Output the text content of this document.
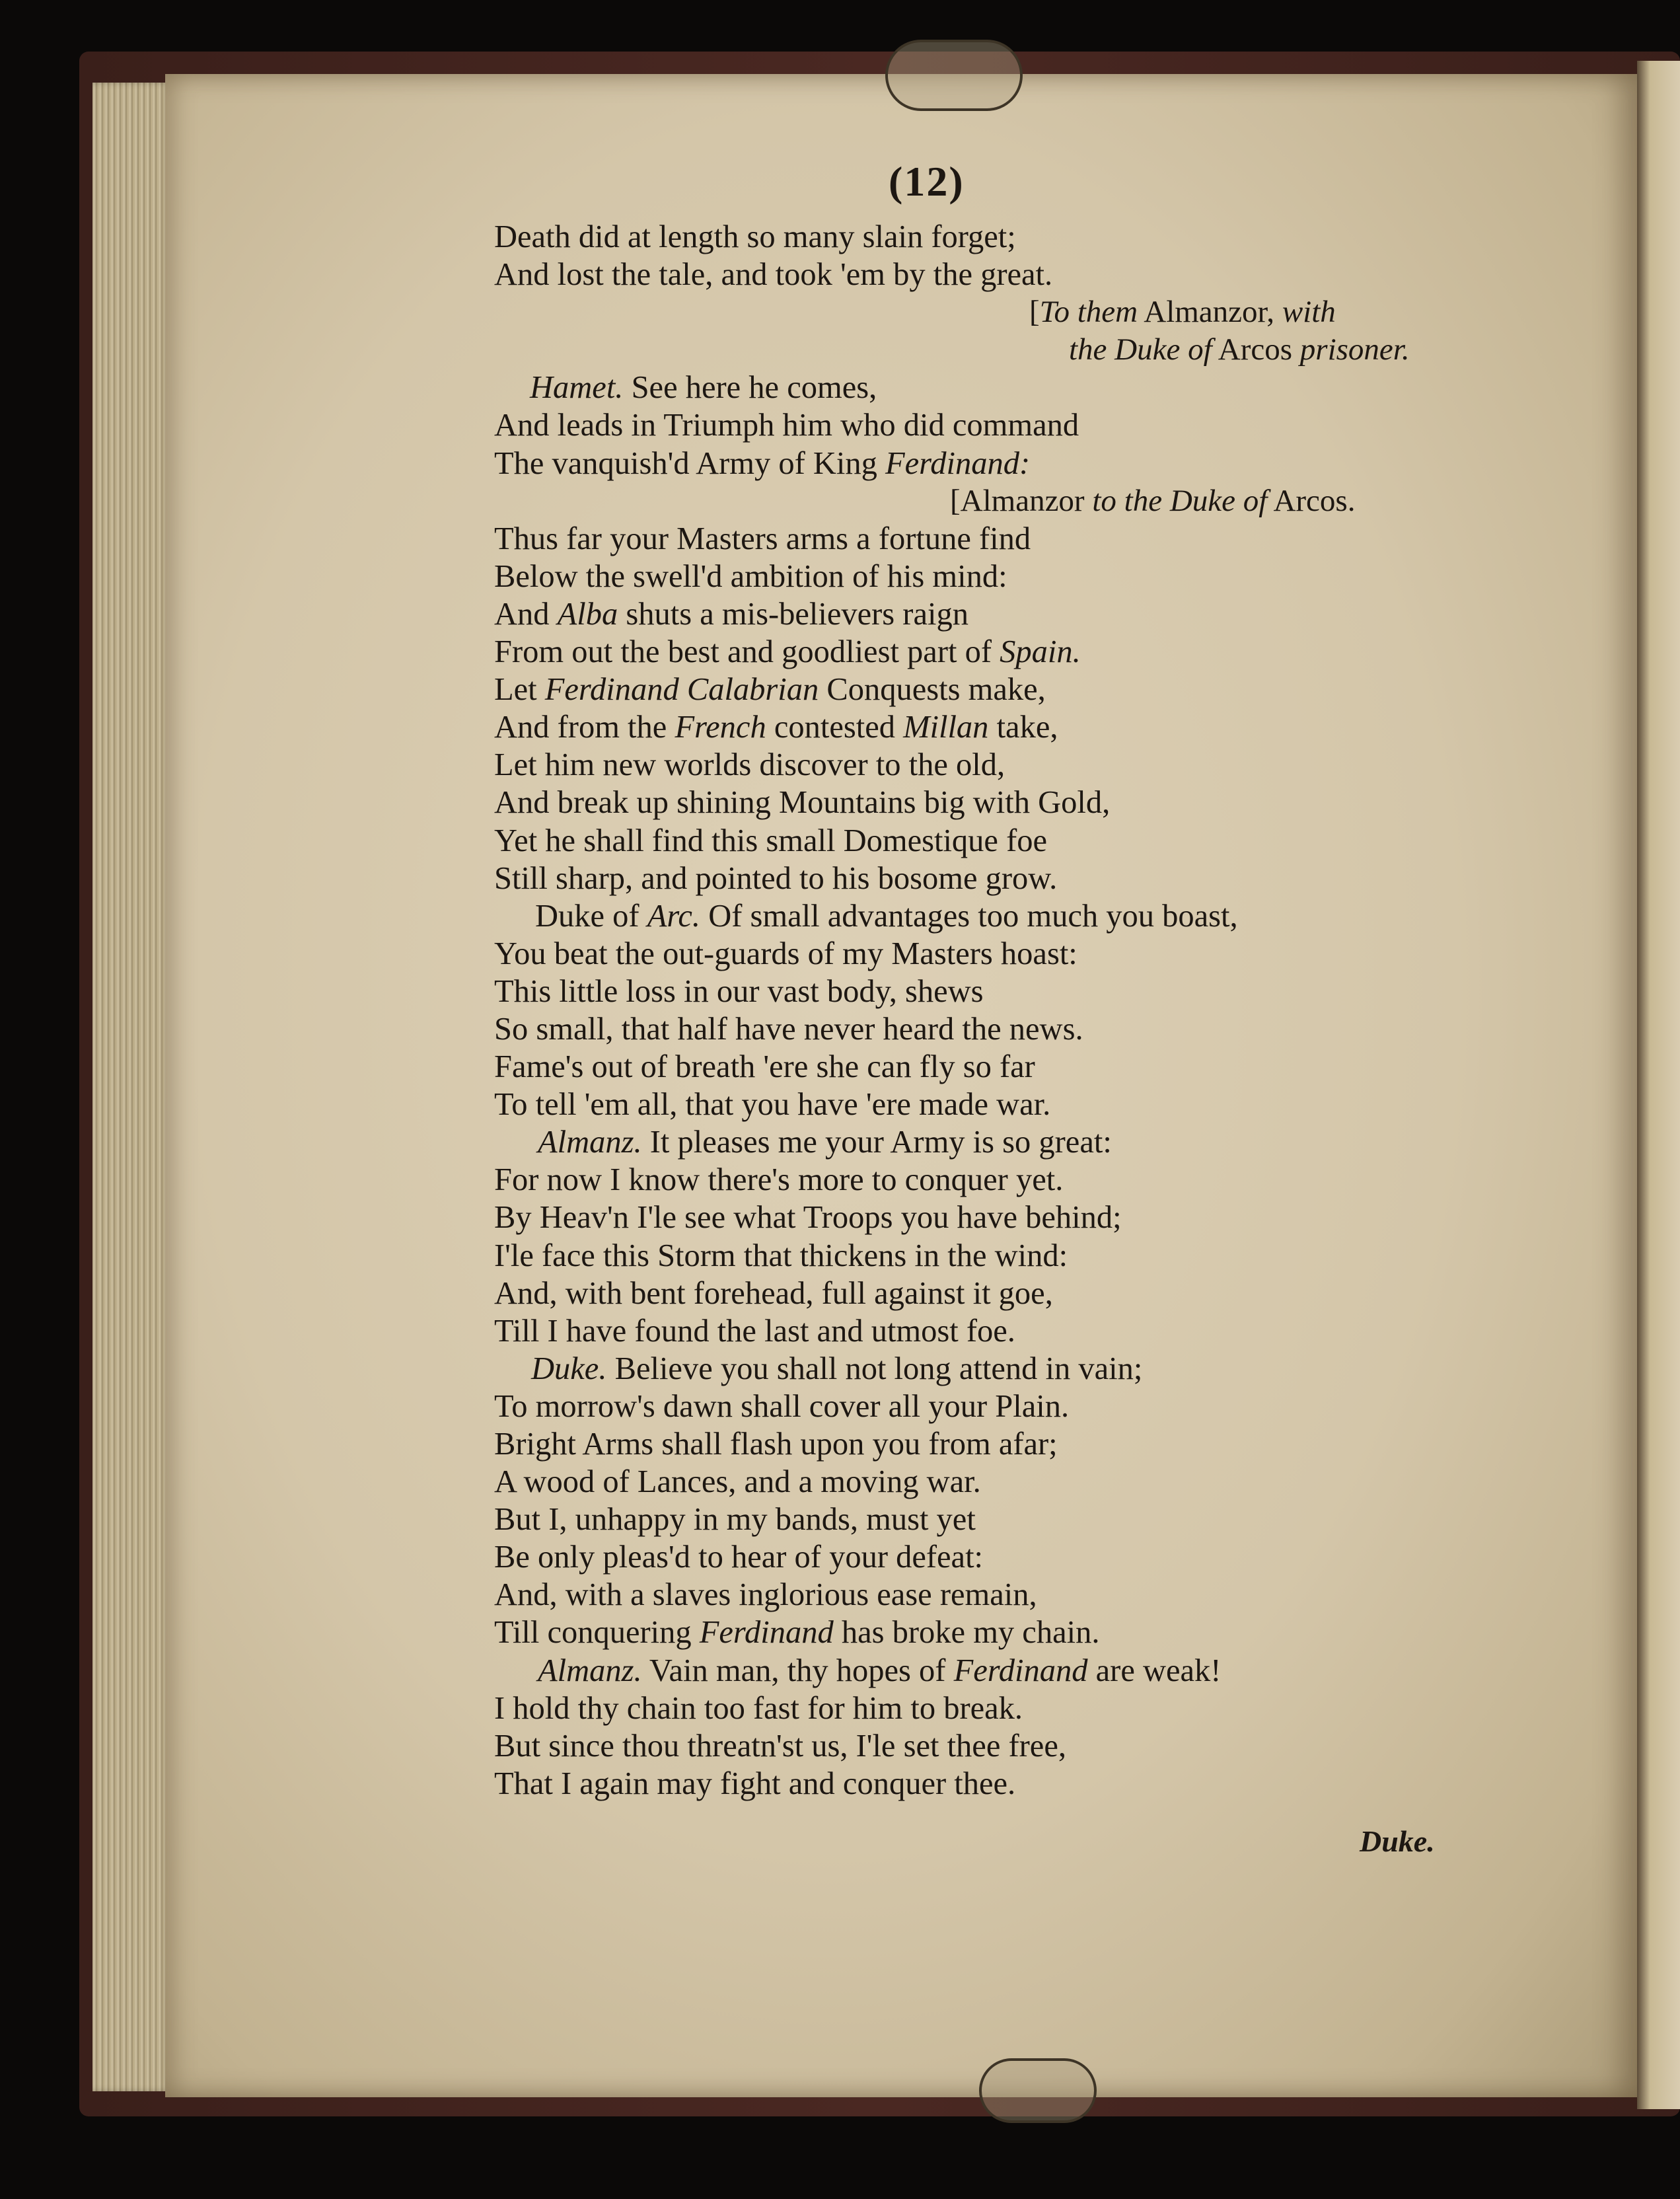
(12)
Death did at length so many slain forget;
And lost the tale, and took 'em by the great.
[To them Almanzor, with
the Duke of Arcos prisoner.
Hamet. See here he comes,
And leads in Triumph him who did command
The vanquish'd Army of King Ferdinand:
[Almanzor to the Duke of Arcos.
Thus far your Masters arms a fortune find
Below the swell'd ambition of his mind:
And Alba shuts a mis-believers raign
From out the best and goodliest part of Spain.
Let Ferdinand Calabrian Conquests make,
And from the French contested Millan take,
Let him new worlds discover to the old,
And break up shining Mountains big with Gold,
Yet he shall find this small Domestique foe
Still sharp, and pointed to his bosome grow.
Duke of Arc. Of small advantages too much you boast,
You beat the out-guards of my Masters hoast:
This little loss in our vast body, shews
So small, that half have never heard the news.
Fame's out of breath 'ere she can fly so far
To tell 'em all, that you have 'ere made war.
Almanz. It pleases me your Army is so great:
For now I know there's more to conquer yet.
By Heav'n I'le see what Troops you have behind;
I'le face this Storm that thickens in the wind:
And, with bent forehead, full against it goe,
Till I have found the last and utmost foe.
Duke. Believe you shall not long attend in vain;
To morrow's dawn shall cover all your Plain.
Bright Arms shall flash upon you from afar;
A wood of Lances, and a moving war.
But I, unhappy in my bands, must yet
Be only pleas'd to hear of your defeat:
And, with a slaves inglorious ease remain,
Till conquering Ferdinand has broke my chain.
Almanz. Vain man, thy hopes of Ferdinand are weak!
I hold thy chain too fast for him to break.
But since thou threatn'st us, I'le set thee free,
That I again may fight and conquer thee.
Duke.
